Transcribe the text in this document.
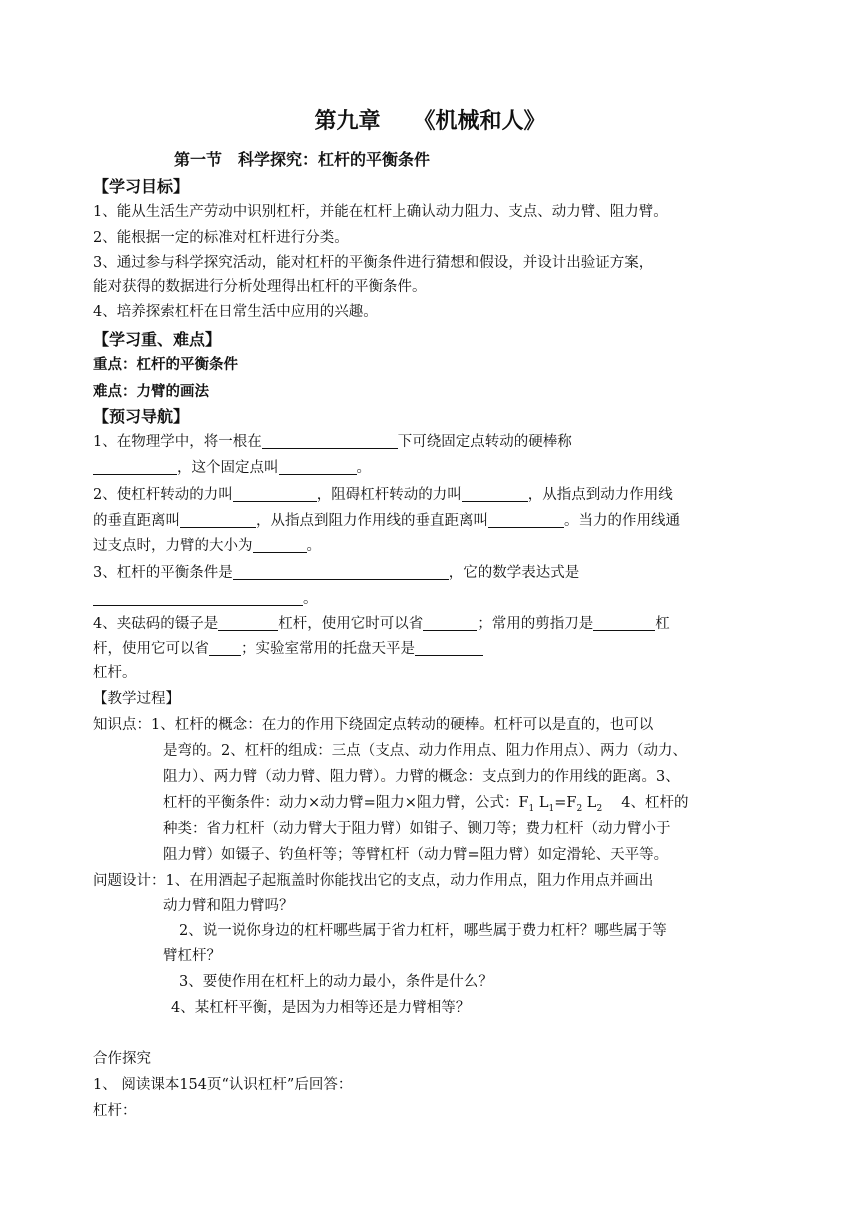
第九章　　《机械和人》
第一节　科学探究：杠杆的平衡条件
【学习目标】
1、能从生活生产劳动中识别杠杆，并能在杠杆上确认动力阻力、支点、动力臂、阻力臂。
2、能根据一定的标准对杠杆进行分类。
3、通过参与科学探究活动，能对杠杆的平衡条件进行猜想和假设，并设计出验证方案，
能对获得的数据进行分析处理得出杠杆的平衡条件。
4、培养探索杠杆在日常生活中应用的兴趣。
【学习重、难点】
重点：杠杆的平衡条件
难点：力臂的画法
【预习导航】
1、在物理学中，将一根在	下可绕固定点转动的硬棒称
，这个固定点叫	。
2、使杠杆转动的力叫	，阻碍杠杆转动的力叫	，从指点到动力作用线
的垂直距离叫	，从指点到阻力作用线的垂直距离叫	。当力的作用线通
过支点时，力臂的大小为	。
3、杠杆的平衡条件是	，它的数学表达式是
。
4、夹砝码的镊子是	杠杆，使用它时可以省	；常用的剪指刀是	杠
杆，使用它可以省 ；实验室常用的托盘天平是
杠杆。
【教学过程】
知识点：1、杠杆的概念：在力的作用下绕固定点转动的硬棒。杠杆可以是直的，也可以
是弯的。2、杠杆的组成：三点（支点、动力作用点、阻力作用点）、两力（动力、
阻力）、两力臂（动力臂、阻力臂）。力臂的概念：支点到力的作用线的距离。3、
杠杆的平衡条件：动力×动力臂=阻力×阻力臂，公式：$F_1$ $L_1=F_2$ $L_2$　 4、杠杆的
种类：省力杠杆（动力臂大于阻力臂）如钳子、铡刀等；费力杠杆（动力臂小于
阻力臂）如镊子、钓鱼杆等；等臂杠杆（动力臂=阻力臂）如定滑轮、天平等。
问题设计：1、在用酒起子起瓶盖时你能找出它的支点，动力作用点，阻力作用点并画出
动力臂和阻力臂吗？
2、说一说你身边的杠杆哪些属于省力杠杆，哪些属于费力杠杆？哪些属于等
臂杠杆？
3、要使作用在杠杆上的动力最小，条件是什么？
4、某杠杆平衡，是因为力相等还是力臂相等？
合作探究
1、 阅读课本154页“认识杠杆”后回答：
杠杆：
